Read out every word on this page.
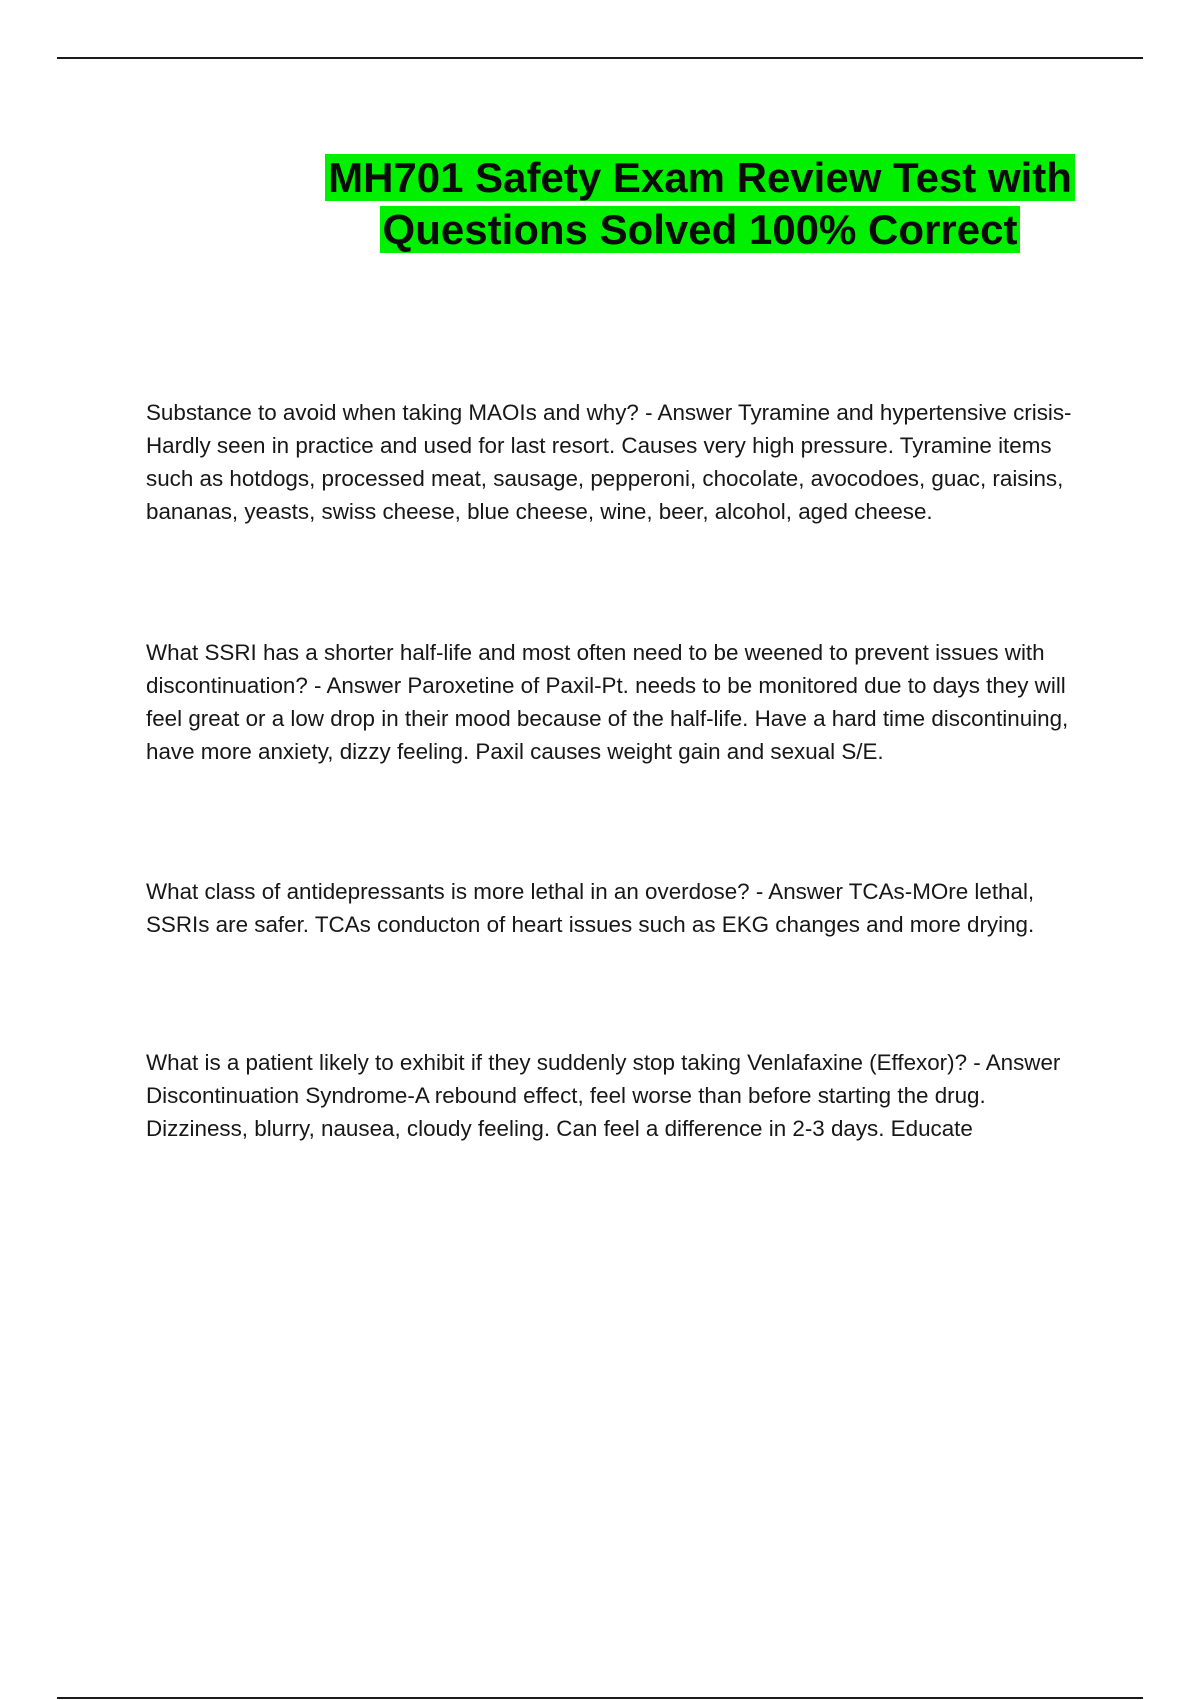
MH701 Safety Exam Review Test with
Questions Solved 100% Correct

Substance to avoid when taking MAOIs and why? - Answer Tyramine and hypertensive crisis-Hardly seen in practice and used for last resort. Causes very high pressure. Tyramine items such as hotdogs, processed meat, sausage, pepperoni, chocolate, avocodoes, guac, raisins, bananas, yeasts, swiss cheese, blue cheese, wine, beer, alcohol, aged cheese.

What SSRI has a shorter half-life and most often need to be weened to prevent issues with discontinuation? - Answer Paroxetine of Paxil-Pt. needs to be monitored due to days they will feel great or a low drop in their mood because of the half-life. Have a hard time discontinuing, have more anxiety, dizzy feeling. Paxil causes weight gain and sexual S/E.

What class of antidepressants is more lethal in an overdose? - Answer TCAs-MOre lethal, SSRIs are safer. TCAs conducton of heart issues such as EKG changes and more drying.

What is a patient likely to exhibit if they suddenly stop taking Venlafaxine (Effexor)? - Answer Discontinuation Syndrome-A rebound effect, feel worse than before starting the drug. Dizziness, blurry, nausea, cloudy feeling. Can feel a difference in 2-3 days. Educate
